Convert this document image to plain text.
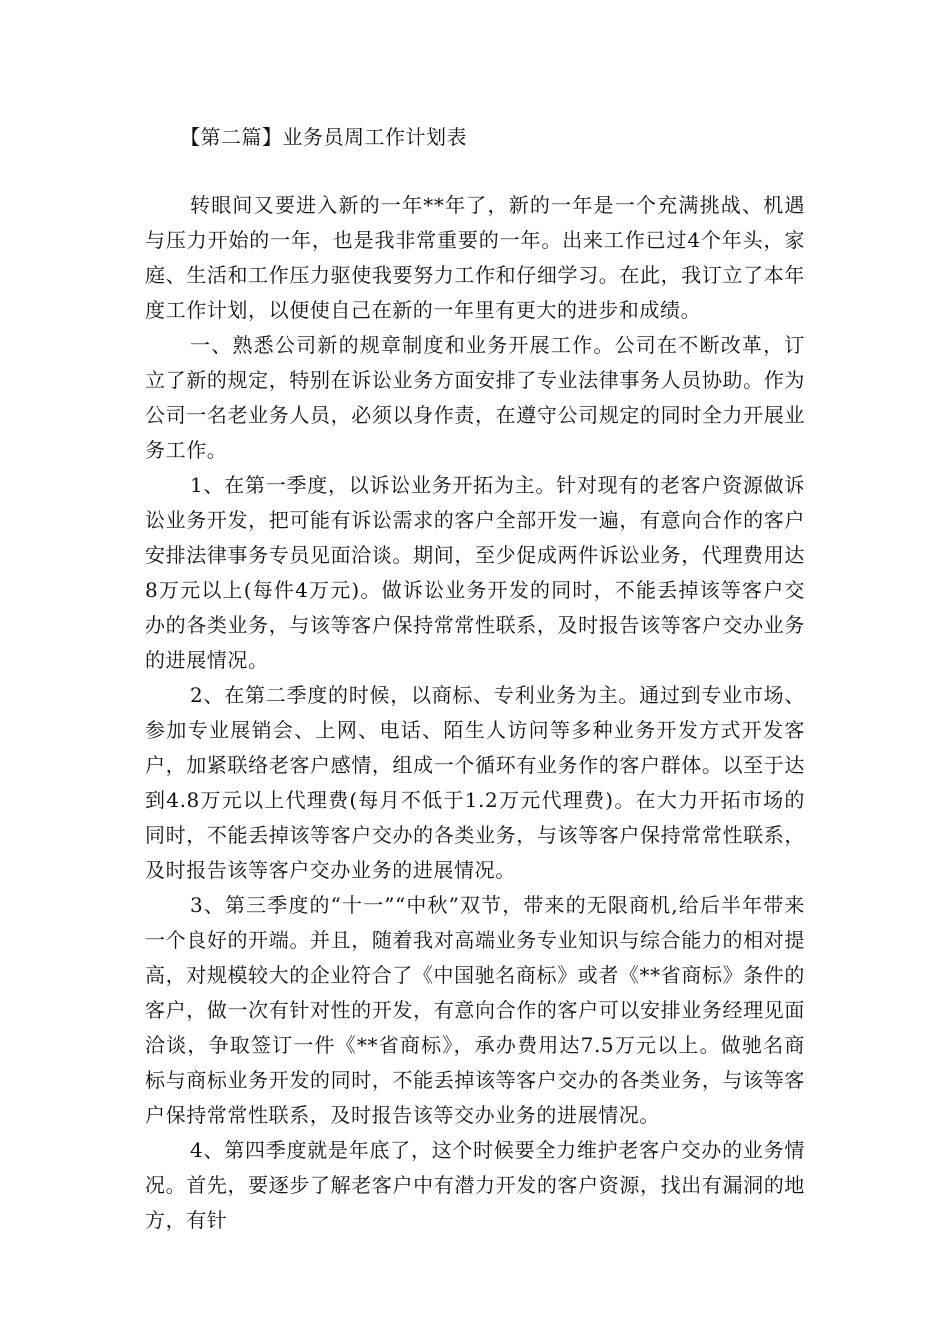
【第二篇】业务员周工作计划表

转眼间又要进入新的一年**年了，新的一年是一个充满挑战、机遇与压力开始的一年，也是我非常重要的一年。出来工作已过4个年头，家庭、生活和工作压力驱使我要努力工作和仔细学习。在此，我订立了本年度工作计划，以便使自己在新的一年里有更大的进步和成绩。

一、熟悉公司新的规章制度和业务开展工作。公司在不断改革，订立了新的规定，特别在诉讼业务方面安排了专业法律事务人员协助。作为公司一名老业务人员，必须以身作责，在遵守公司规定的同时全力开展业务工作。

1、在第一季度，以诉讼业务开拓为主。针对现有的老客户资源做诉讼业务开发，把可能有诉讼需求的客户全部开发一遍，有意向合作的客户安排法律事务专员见面洽谈。期间，至少促成两件诉讼业务，代理费用达8万元以上(每件4万元)。做诉讼业务开发的同时，不能丢掉该等客户交办的各类业务，与该等客户保持常常性联系，及时报告该等客户交办业务的进展情况。

2、在第二季度的时候，以商标、专利业务为主。通过到专业市场、参加专业展销会、上网、电话、陌生人访问等多种业务开发方式开发客户，加紧联络老客户感情，组成一个循环有业务作的客户群体。以至于达到4.8万元以上代理费(每月不低于1.2万元代理费)。在大力开拓市场的同时，不能丢掉该等客户交办的各类业务，与该等客户保持常常性联系，及时报告该等客户交办业务的进展情况。

3、第三季度的“十一”“中秋”双节，带来的无限商机,给后半年带来一个良好的开端。并且，随着我对高端业务专业知识与综合能力的相对提高，对规模较大的企业符合了《中国驰名商标》或者《**省商标》条件的客户，做一次有针对性的开发，有意向合作的客户可以安排业务经理见面洽谈，争取签订一件《**省商标》，承办费用达7.5万元以上。做驰名商标与商标业务开发的同时，不能丢掉该等客户交办的各类业务，与该等客户保持常常性联系，及时报告该等交办业务的进展情况。

4、第四季度就是年底了，这个时候要全力维护老客户交办的业务情况。首先，要逐步了解老客户中有潜力开发的客户资源，找出有漏洞的地方，有针
